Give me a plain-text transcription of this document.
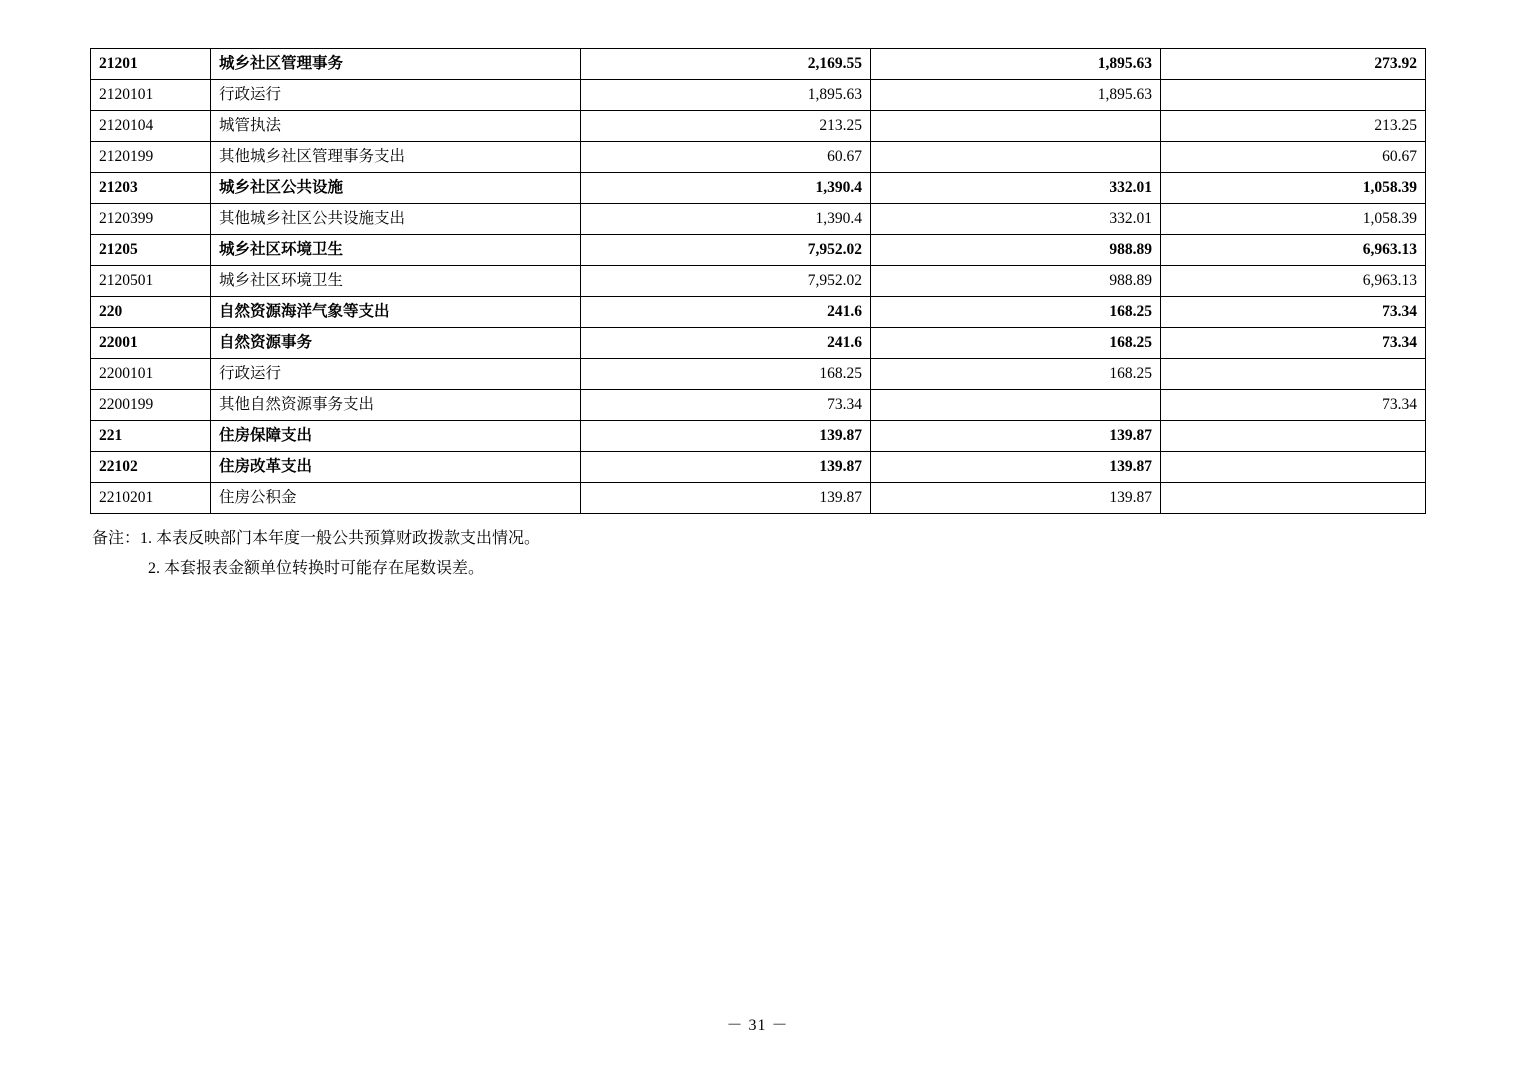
21201	城乡社区管理事务	2,169.55	1,895.63	273.92
2120101	行政运行	1,895.63	1,895.63	
2120104	城管执法	213.25		213.25
2120199	其他城乡社区管理事务支出	60.67		60.67
21203	城乡社区公共设施	1,390.4	332.01	1,058.39
2120399	其他城乡社区公共设施支出	1,390.4	332.01	1,058.39
21205	城乡社区环境卫生	7,952.02	988.89	6,963.13
2120501	城乡社区环境卫生	7,952.02	988.89	6,963.13
220	自然资源海洋气象等支出	241.6	168.25	73.34
22001	自然资源事务	241.6	168.25	73.34
2200101	行政运行	168.25	168.25	
2200199	其他自然资源事务支出	73.34		73.34
221	住房保障支出	139.87	139.87	
22102	住房改革支出	139.87	139.87	
2210201	住房公积金	139.87	139.87	
备注：1. 本表反映部门本年度一般公共预算财政拨款支出情况。
2. 本套报表金额单位转换时可能存在尾数误差。
－ 31 －
